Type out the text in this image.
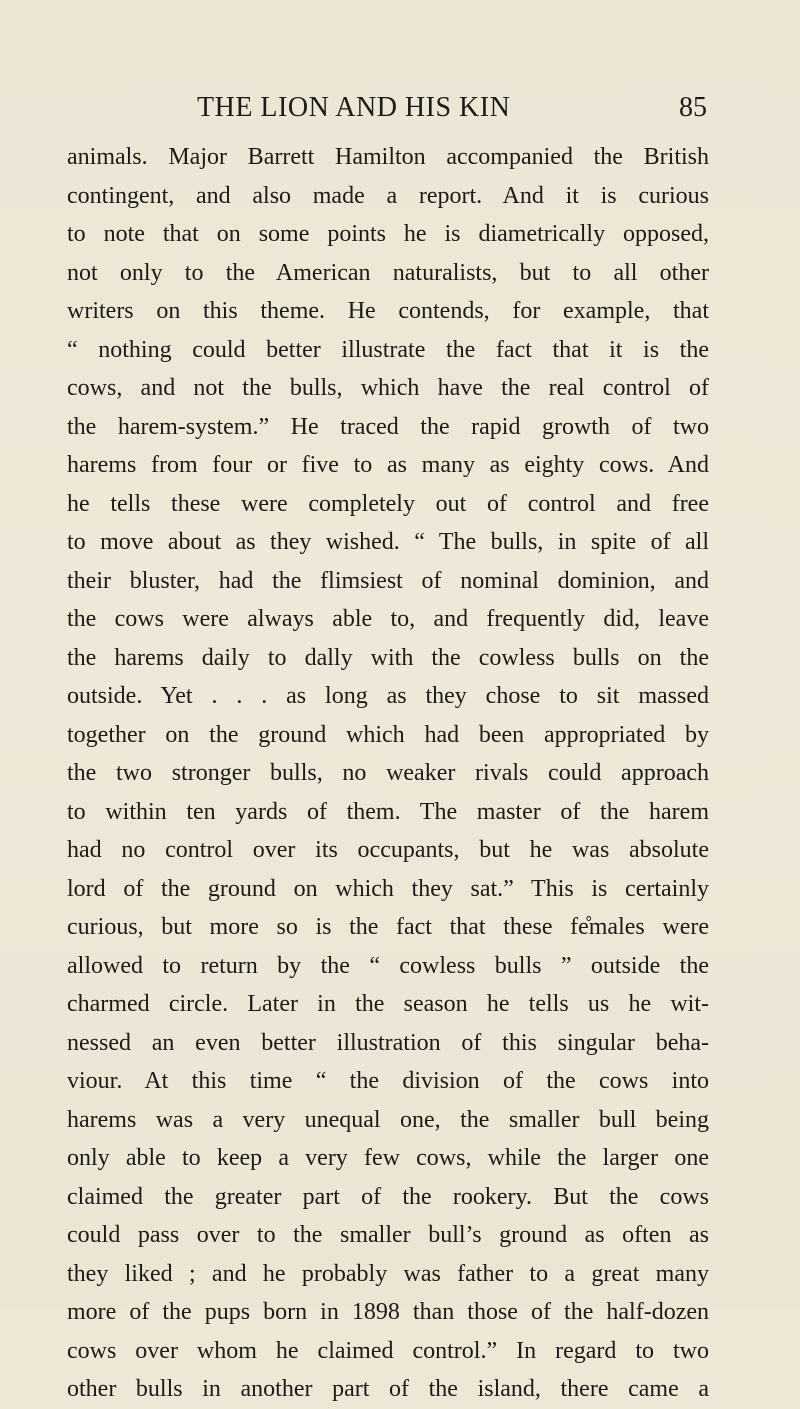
THE LION AND HIS KIN	85
animals. Major Barrett Hamilton accompanied the British
contingent, and also made a report. And it is curious
to note that on some points he is diametrically opposed,
not only to the American naturalists, but to all other
writers on this theme. He contends, for example, that
“ nothing could better illustrate the fact that it is the
cows, and not the bulls, which have the real control of
the harem-system.” He traced the rapid growth of two
harems from four or five to as many as eighty cows. And
he tells these were completely out of control and free
to move about as they wished. “ The bulls, in spite of all
their bluster, had the flimsiest of nominal dominion, and
the cows were always able to, and frequently did, leave
the harems daily to dally with the cowless bulls on the
outside. Yet . . . as long as they chose to sit massed
together on the ground which had been appropriated by
the two stronger bulls, no weaker rivals could approach
to within ten yards of them. The master of the harem
had no control over its occupants, but he was absolute
lord of the ground on which they sat.” This is certainly
curious, but more so is the fact that these fe̊males were
allowed to return by the “ cowless bulls ” outside the
charmed circle. Later in the season he tells us he wit-
nessed an even better illustration of this singular beha-
viour. At this time “ the division of the cows into
harems was a very unequal one, the smaller bull being
only able to keep a very few cows, while the larger one
claimed the greater part of the rookery. But the cows
could pass over to the smaller bull’s ground as often as
they liked ; and he probably was father to a great many
more of the pups born in 1898 than those of the half-dozen
cows over whom he claimed control.” In regard to two
other bulls in another part of the island, there came a
